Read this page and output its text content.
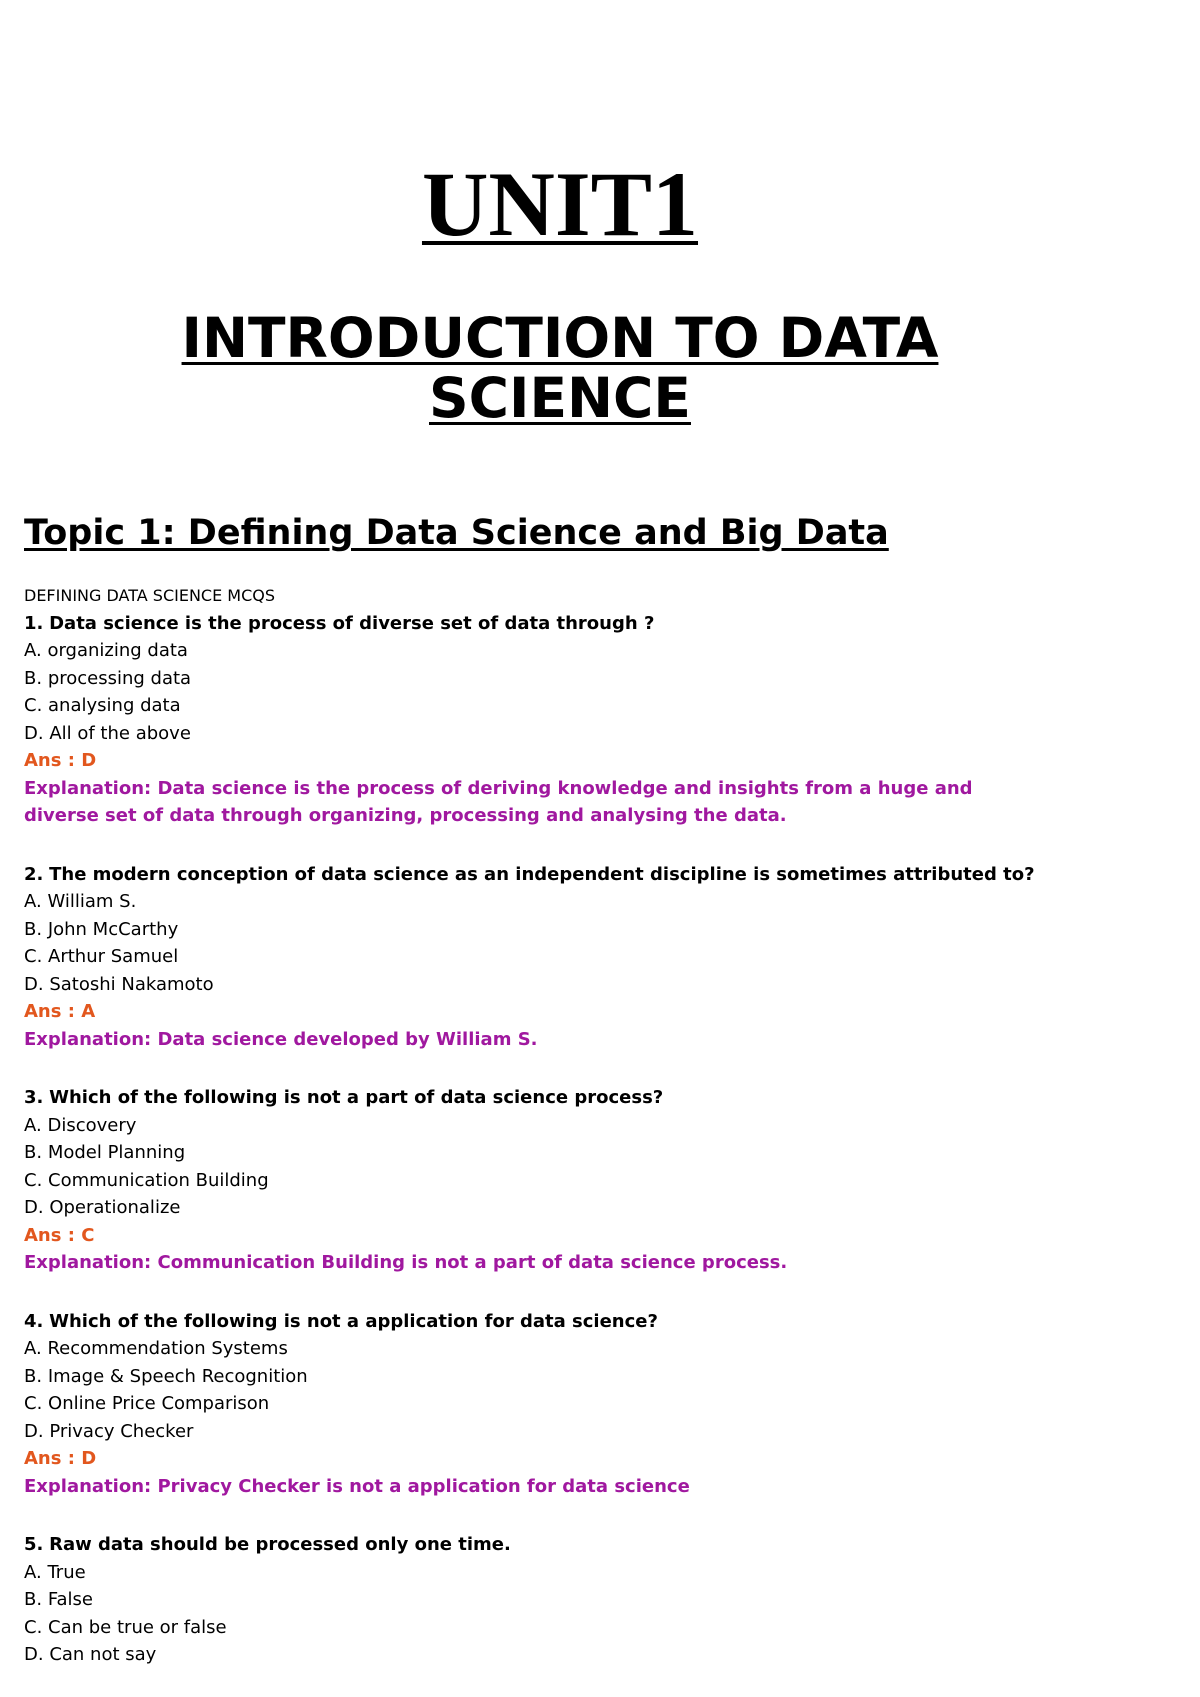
UNIT1
INTRODUCTION TO DATA
SCIENCE
Topic 1: Defining Data Science and Big Data
DEFINING DATA SCIENCE MCQS
1. Data science is the process of diverse set of data through ?
A. organizing data
B. processing data
C. analysing data
D. All of the above
Ans : D
Explanation: Data science is the process of deriving knowledge and insights from a huge and diverse set of data through organizing, processing and analysing the data.
2. The modern conception of data science as an independent discipline is sometimes attributed to?
A. William S.
B. John McCarthy
C. Arthur Samuel
D. Satoshi Nakamoto
Ans : A
Explanation: Data science developed by William S.
3. Which of the following is not a part of data science process?
A. Discovery
B. Model Planning
C. Communication Building
D. Operationalize
Ans : C
Explanation: Communication Building is not a part of data science process.
4. Which of the following is not a application for data science?
A. Recommendation Systems
B. Image & Speech Recognition
C. Online Price Comparison
D. Privacy Checker
Ans : D
Explanation: Privacy Checker is not a application for data science
5. Raw data should be processed only one time.
A. True
B. False
C. Can be true or false
D. Can not say
